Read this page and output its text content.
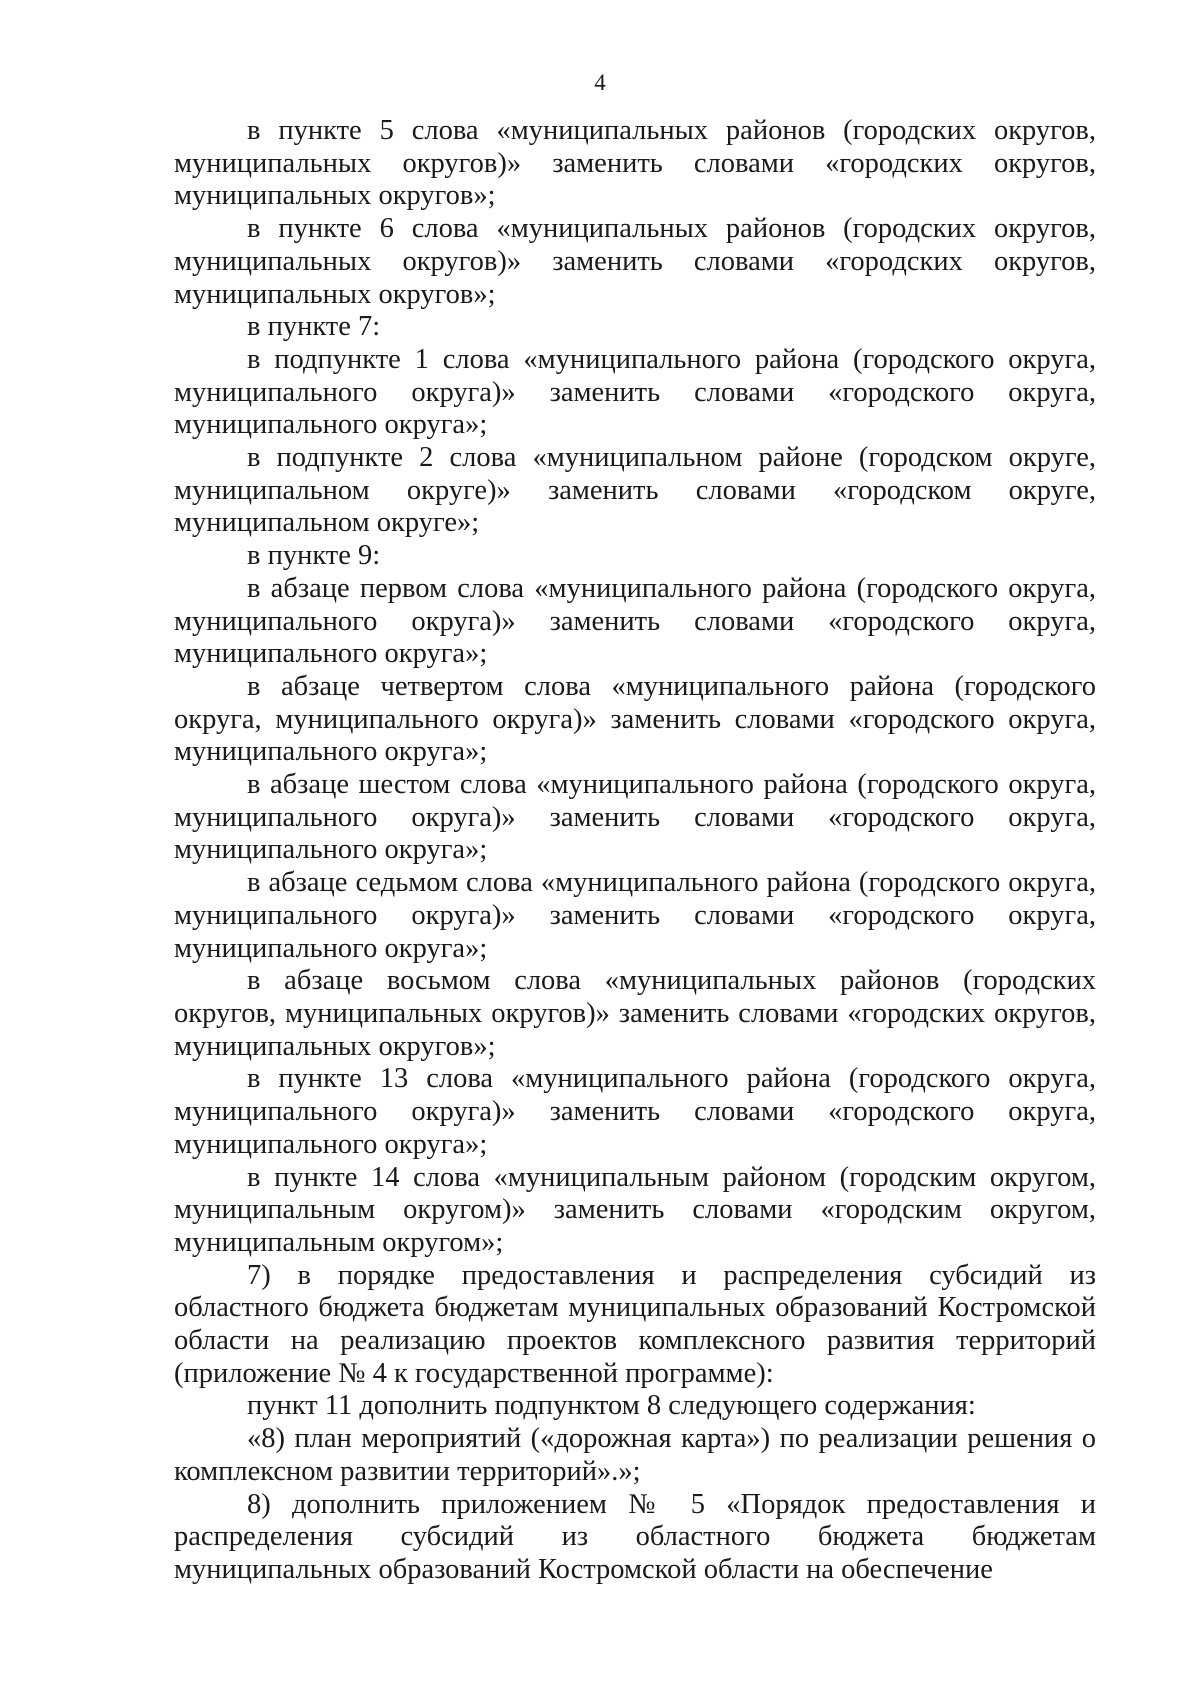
4

в пункте 5 слова «муниципальных районов (городских округов, муниципальных округов)» заменить словами «городских округов, муниципальных округов»;

в пункте 6 слова «муниципальных районов (городских округов, муниципальных округов)» заменить словами «городских округов, муниципальных округов»;

в пункте 7:

в подпункте 1 слова «муниципального района (городского округа, муниципального округа)» заменить словами «городского округа, муниципального округа»;

в подпункте 2 слова «муниципальном районе (городском округе, муниципальном округе)» заменить словами «городском округе, муниципальном округе»;

в пункте 9:

в абзаце первом слова «муниципального района (городского округа, муниципального округа)» заменить словами «городского округа, муниципального округа»;

в абзаце четвертом слова «муниципального района (городского округа, муниципального округа)» заменить словами «городского округа, муниципального округа»;

в абзаце шестом слова «муниципального района (городского округа, муниципального округа)» заменить словами «городского округа, муниципального округа»;

в абзаце седьмом слова «муниципального района (городского округа, муниципального округа)» заменить словами «городского округа, муниципального округа»;

в абзаце восьмом слова «муниципальных районов (городских округов, муниципальных округов)» заменить словами «городских округов, муниципальных округов»;

в пункте 13 слова «муниципального района (городского округа, муниципального округа)» заменить словами «городского округа, муниципального округа»;

в пункте 14 слова «муниципальным районом (городским округом, муниципальным округом)» заменить словами «городским округом, муниципальным округом»;

7) в порядке предоставления и распределения субсидий из областного бюджета бюджетам муниципальных образований Костромской области на реализацию проектов комплексного развития территорий (приложение № 4 к государственной программе):

пункт 11 дополнить подпунктом 8 следующего содержания:

«8) план мероприятий («дорожная карта») по реализации решения о комплексном развитии территорий».»;

8) дополнить приложением № 5 «Порядок предоставления и распределения субсидий из областного бюджета бюджетам муниципальных образований Костромской области на обеспечение
